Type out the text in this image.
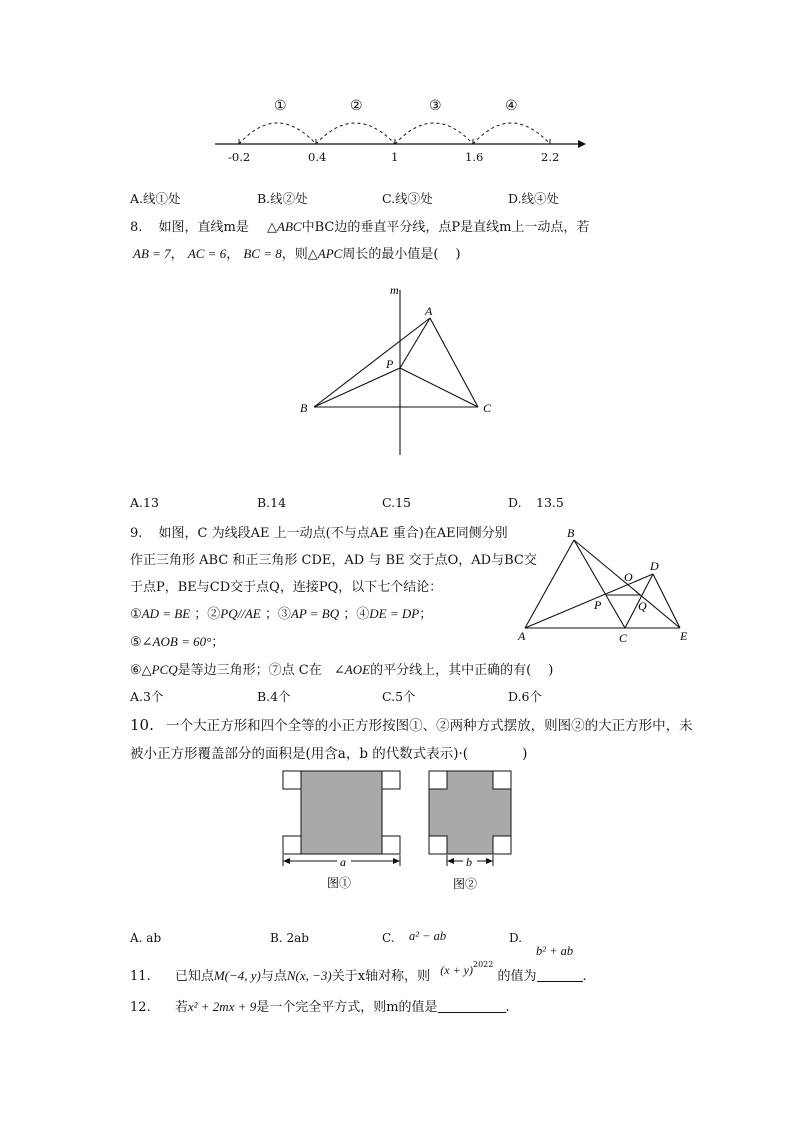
①	②	③	④
-0.2	0.4	1	1.6	2.2
A.线①处	B.线②处	C.线③处	D.线④处
8. 如图，直线m是 △ABC中BC边的垂直平分线，点P是直线m上一动点，若
AB = 7， AC = 6， BC = 8，则△APC周长的最小值是(　 )
m
A
P
B	C
A.13	B.14	C.15	D. 13.5
9. 如图，C 为线段AE 上一动点(不与点AE 重合)在AE同侧分别
作正三角形 ABC 和正三角形 CDE，AD 与 BE 交于点O，AD与BC交
于点P，BE与CD交于点Q，连接PQ，以下七个结论：
①AD = BE ；②PQ//AE ；③AP = BQ ；④DE = DP；
⑤∠AOB = 60°；
⑥△PCQ是等边三角形；⑦点 C在 ∠AOE的平分线上，其中正确的有(　 )
B
D
O
P	Q
A	C	E
A.3个	B.4个	C.5个	D.6个
10. 一个大正方形和四个全等的小正方形按图①、②两种方式摆放，则图②的大正方形中，未
被小正方形覆盖部分的面积是(用含a，b 的代数式表示)·(　　　　)
a
图①
b
图②
A. ab	B. 2ab	C. a² − ab	D.
b² + ab
11. 已知点M(−4, y)与点N(x, −3)关于x轴对称，则 $(x + y)^{2022}$ 的值为	.
12. 若x² + 2mx + 9是一个完全平方式，则m的值是	.
